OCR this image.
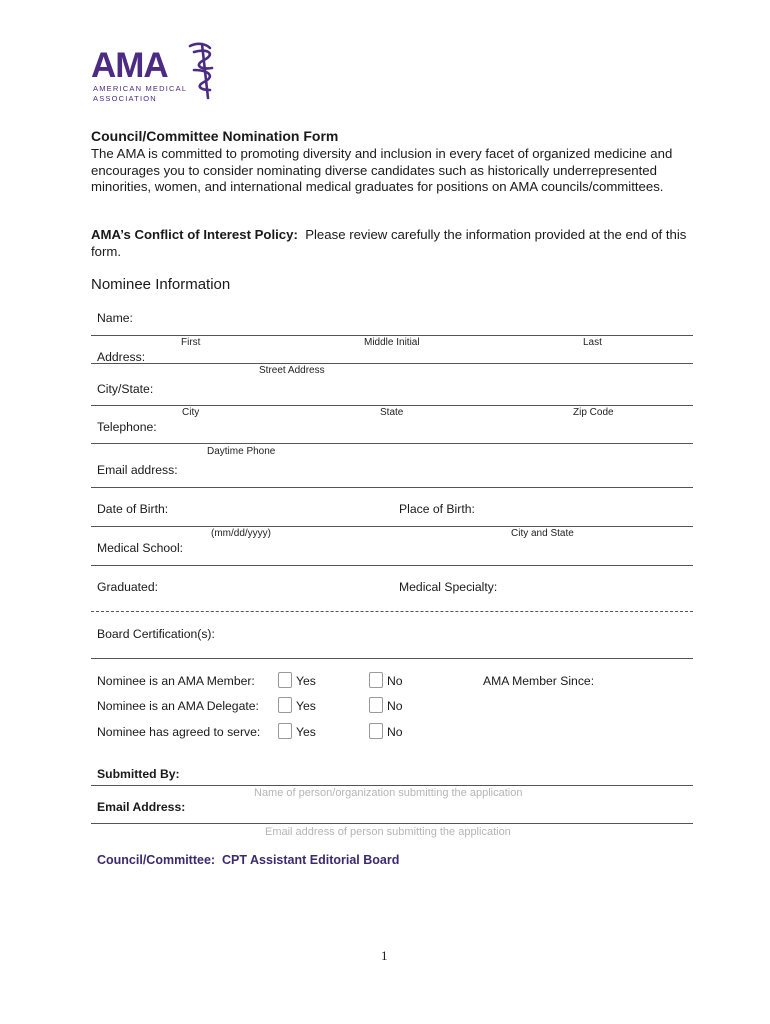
AMA
AMERICAN MEDICAL
ASSOCIATION
Council/Committee Nomination Form
The AMA is committed to promoting diversity and inclusion in every facet of organized medicine and encourages you to consider nominating diverse candidates such as historically underrepresented minorities, women, and international medical graduates for positions on AMA councils/committees.
AMA’s Conflict of Interest Policy: Please review carefully the information provided at the end of this form.
Nominee Information
Name:
First	Middle Initial	Last
Address:
Street Address
City/State:
City	State	Zip Code
Telephone:
Daytime Phone
Email address:
Date of Birth:	Place of Birth:
(mm/dd/yyyy)	City and State
Medical School:
Graduated:	Medical Specialty:
Board Certification(s):
Nominee is an AMA Member:	Yes	No	AMA Member Since:
Nominee is an AMA Delegate:	Yes	No
Nominee has agreed to serve:	Yes	No
Submitted By:
Name of person/organization submitting the application
Email Address:
Email address of person submitting the application
Council/Committee: CPT Assistant Editorial Board
1
